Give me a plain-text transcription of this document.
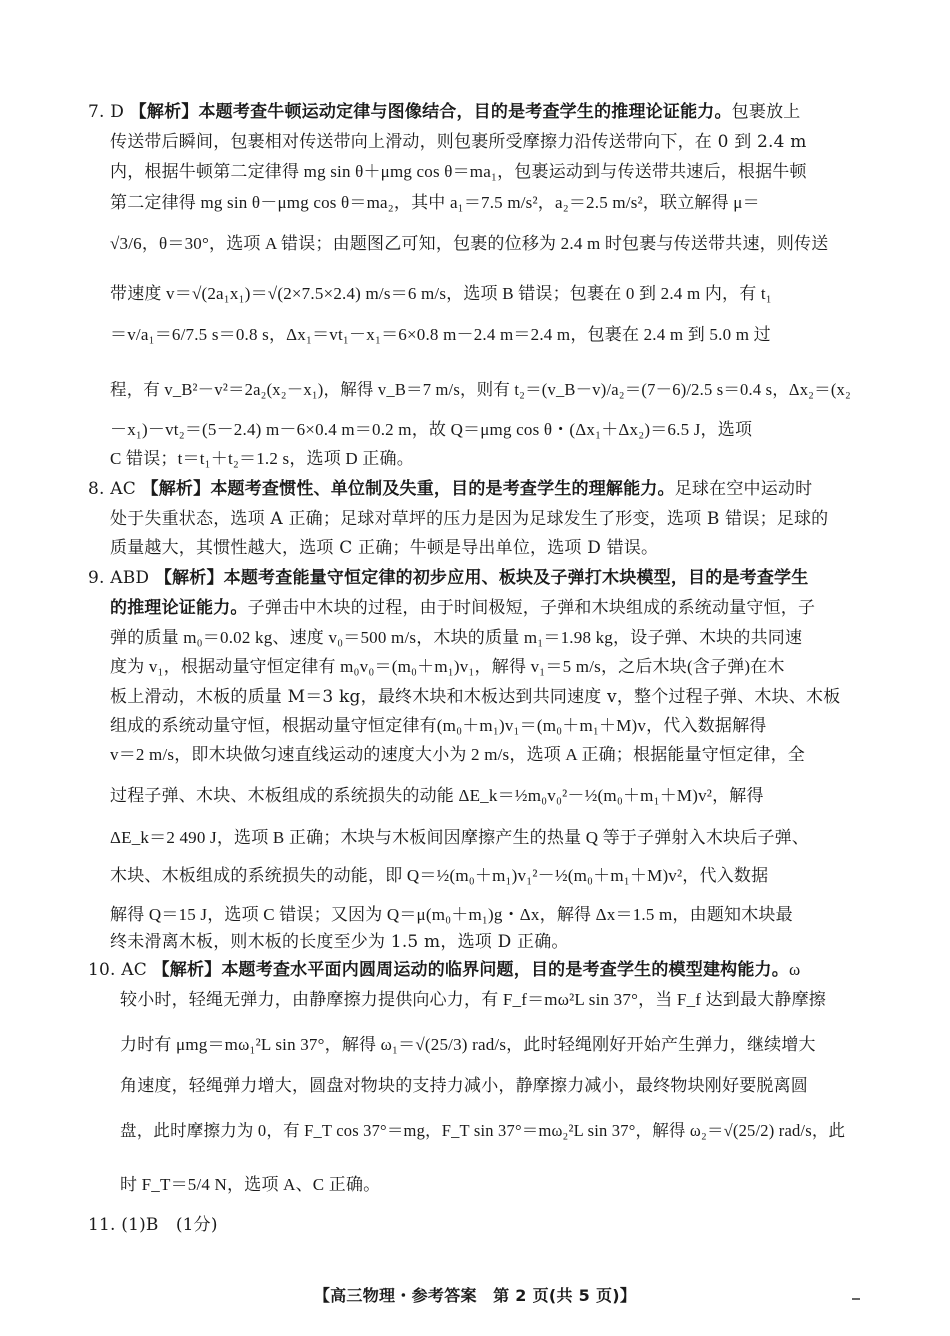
7. D 【解析】本题考查牛顿运动定律与图像结合，目的是考查学生的推理论证能力。包裹放上
传送带后瞬间，包裹相对传送带向上滑动，则包裹所受摩擦力沿传送带向下，在 0 到 2.4 m
内，根据牛顿第二定律得 mg sin θ＋μmg cos θ＝ma₁，包裹运动到与传送带共速后，根据牛顿
第二定律得 mg sin θ－μmg cos θ＝ma₂，其中 a₁＝7.5 m/s²，a₂＝2.5 m/s²，联立解得 μ＝
√3/6，θ＝30°，选项 A 错误；由题图乙可知，包裹的位移为 2.4 m 时包裹与传送带共速，则传送
带速度 v＝√(2a₁x₁)＝√(2×7.5×2.4) m/s＝6 m/s，选项 B 错误；包裹在 0 到 2.4 m 内，有 t₁
＝v/a₁＝6/7.5 s＝0.8 s，Δx₁＝vt₁－x₁＝6×0.8 m－2.4 m＝2.4 m，包裹在 2.4 m 到 5.0 m 过
程，有 v_B²－v²＝2a₂(x₂－x₁)，解得 v_B＝7 m/s，则有 t₂＝(v_B－v)/a₂＝(7－6)/2.5 s＝0.4 s，Δx₂＝(x₂
－x₁)－vt₂＝(5－2.4) m－6×0.4 m＝0.2 m，故 Q＝μmg cos θ・(Δx₁＋Δx₂)＝6.5 J，选项
C 错误；t＝t₁＋t₂＝1.2 s，选项 D 正确。
8. AC 【解析】本题考查惯性、单位制及失重，目的是考查学生的理解能力。足球在空中运动时
处于失重状态，选项 A 正确；足球对草坪的压力是因为足球发生了形变，选项 B 错误；足球的
质量越大，其惯性越大，选项 C 正确；牛顿是导出单位，选项 D 错误。
9. ABD 【解析】本题考查能量守恒定律的初步应用、板块及子弹打木块模型，目的是考查学生
的推理论证能力。子弹击中木块的过程，由于时间极短，子弹和木块组成的系统动量守恒，子
弹的质量 m₀＝0.02 kg、速度 v₀＝500 m/s，木块的质量 m₁＝1.98 kg，设子弹、木块的共同速
度为 v₁，根据动量守恒定律有 m₀v₀＝(m₀＋m₁)v₁，解得 v₁＝5 m/s，之后木块(含子弹)在木
板上滑动，木板的质量 M＝3 kg，最终木块和木板达到共同速度 v，整个过程子弹、木块、木板
组成的系统动量守恒，根据动量守恒定律有(m₀＋m₁)v₁＝(m₀＋m₁＋M)v，代入数据解得
v＝2 m/s，即木块做匀速直线运动的速度大小为 2 m/s，选项 A 正确；根据能量守恒定律，全
过程子弹、木块、木板组成的系统损失的动能 ΔE_k＝½m₀v₀²－½(m₀＋m₁＋M)v²，解得
ΔE_k＝2 490 J，选项 B 正确；木块与木板间因摩擦产生的热量 Q 等于子弹射入木块后子弹、
木块、木板组成的系统损失的动能，即 Q＝½(m₀＋m₁)v₁²－½(m₀＋m₁＋M)v²，代入数据
解得 Q＝15 J，选项 C 错误；又因为 Q＝μ(m₀＋m₁)g・Δx，解得 Δx＝1.5 m，由题知木块最
终未滑离木板，则木板的长度至少为 1.5 m，选项 D 正确。
10. AC 【解析】本题考查水平面内圆周运动的临界问题，目的是考查学生的模型建构能力。ω
较小时，轻绳无弹力，由静摩擦力提供向心力，有 F_f＝mω²L sin 37°，当 F_f 达到最大静摩擦
力时有 μmg＝mω₁²L sin 37°，解得 ω₁＝√(25/3) rad/s，此时轻绳刚好开始产生弹力，继续增大
角速度，轻绳弹力增大，圆盘对物块的支持力减小，静摩擦力减小，最终物块刚好要脱离圆
盘，此时摩擦力为 0，有 F_T cos 37°＝mg，F_T sin 37°＝mω₂²L sin 37°，解得 ω₂＝√(25/2) rad/s，此
时 F_T＝5/4 N，选项 A、C 正确。
11. (1)B　(1分)
【高三物理・参考答案　第 2 页(共 5 页)】
